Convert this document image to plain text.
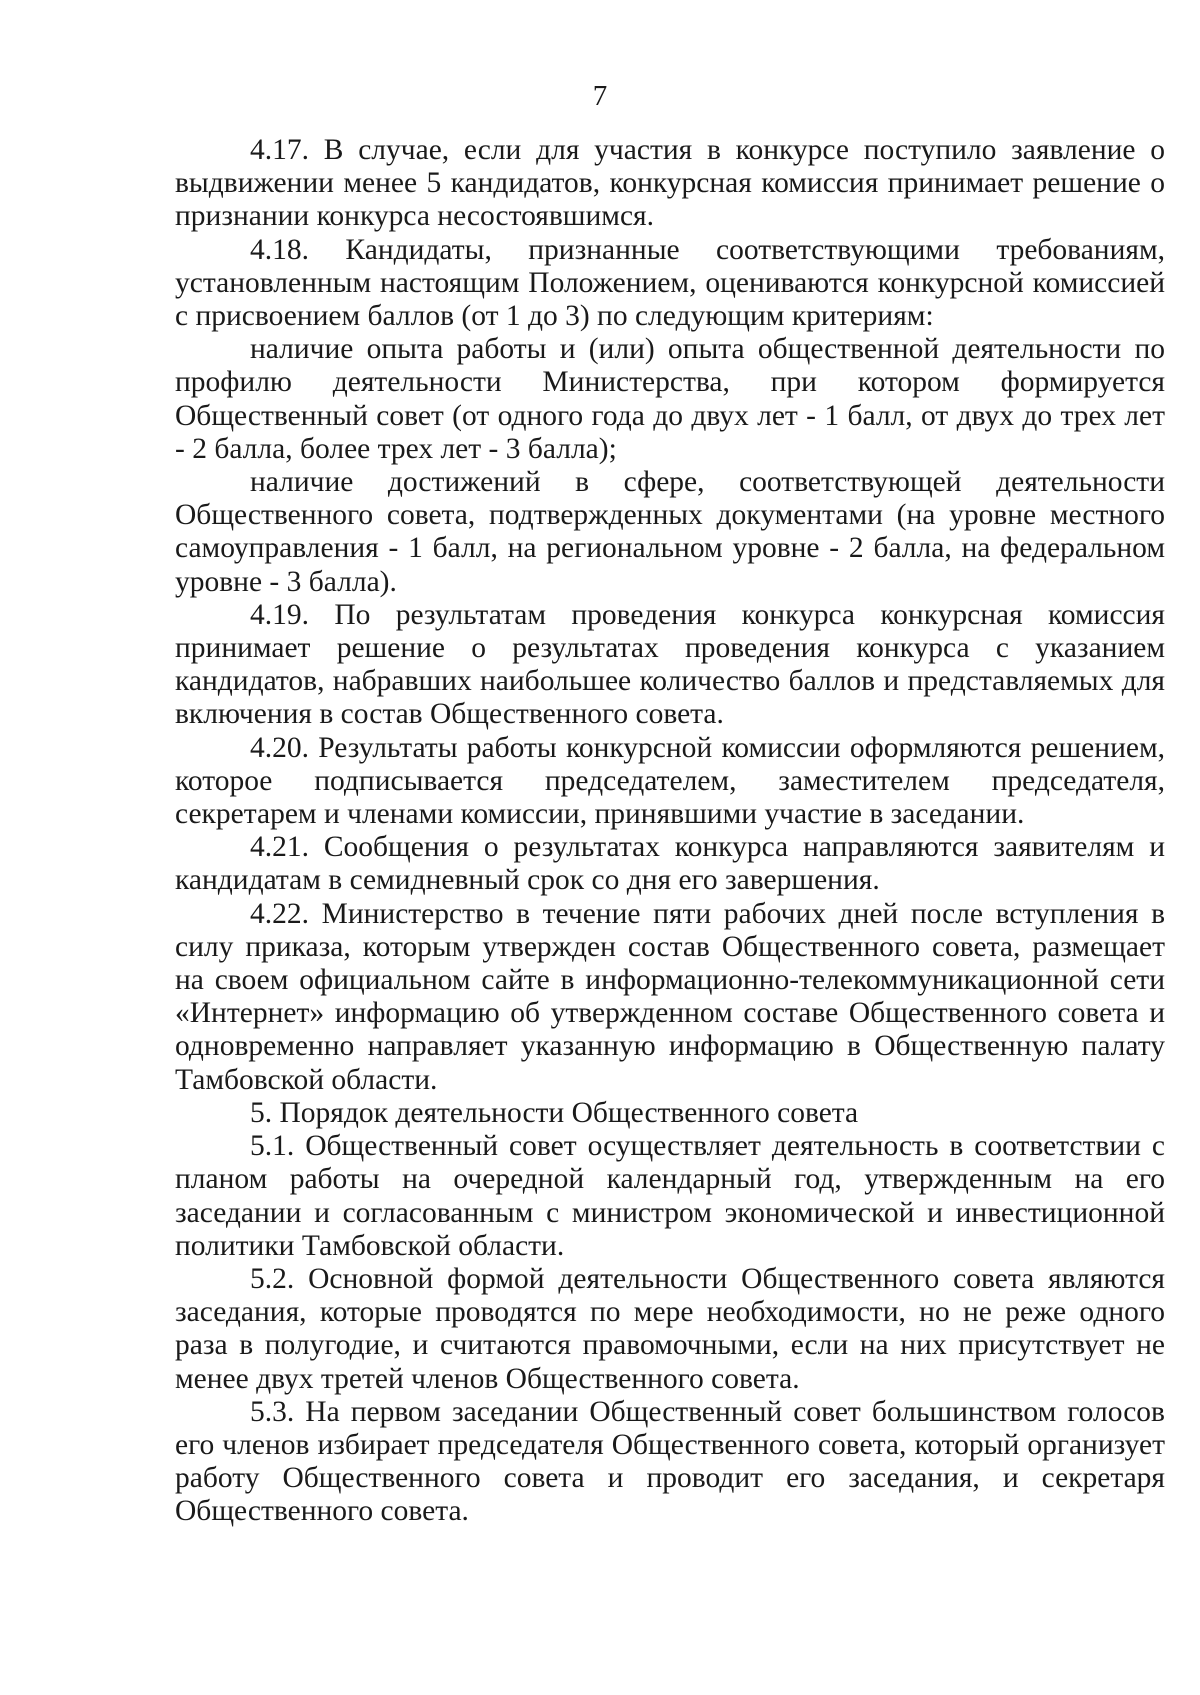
7

4.17. В случае, если для участия в конкурсе поступило заявление о выдвижении менее 5 кандидатов, конкурсная комиссия принимает решение о признании конкурса несостоявшимся.

4.18. Кандидаты, признанные соответствующими требованиям, установленным настоящим Положением, оцениваются конкурсной комиссией с присвоением баллов (от 1 до 3) по следующим критериям:

наличие опыта работы и (или) опыта общественной деятельности по профилю деятельности Министерства, при котором формируется Общественный совет (от одного года до двух лет - 1 балл, от двух до трех лет - 2 балла, более трех лет - 3 балла);

наличие достижений в сфере, соответствующей деятельности Общественного совета, подтвержденных документами (на уровне местного самоуправления - 1 балл, на региональном уровне - 2 балла, на федеральном уровне - 3 балла).

4.19. По результатам проведения конкурса конкурсная комиссия принимает решение о результатах проведения конкурса с указанием кандидатов, набравших наибольшее количество баллов и представляемых для включения в состав Общественного совета.

4.20. Результаты работы конкурсной комиссии оформляются решением, которое подписывается председателем, заместителем председателя, секретарем и членами комиссии, принявшими участие в заседании.

4.21. Сообщения о результатах конкурса направляются заявителям и кандидатам в семидневный срок со дня его завершения.

4.22. Министерство в течение пяти рабочих дней после вступления в силу приказа, которым утвержден состав Общественного совета, размещает на своем официальном сайте в информационно-телекоммуникационной сети «Интернет» информацию об утвержденном составе Общественного совета и одновременно направляет указанную информацию в Общественную палату Тамбовской области.

5. Порядок деятельности Общественного совета

5.1. Общественный совет осуществляет деятельность в соответствии с планом работы на очередной календарный год, утвержденным на его заседании и согласованным с министром экономической и инвестиционной политики Тамбовской области.

5.2. Основной формой деятельности Общественного совета являются заседания, которые проводятся по мере необходимости, но не реже одного раза в полугодие, и считаются правомочными, если на них присутствует не менее двух третей членов Общественного совета.

5.3. На первом заседании Общественный совет большинством голосов его членов избирает председателя Общественного совета, который организует работу Общественного совета и проводит его заседания, и секретаря Общественного совета.
